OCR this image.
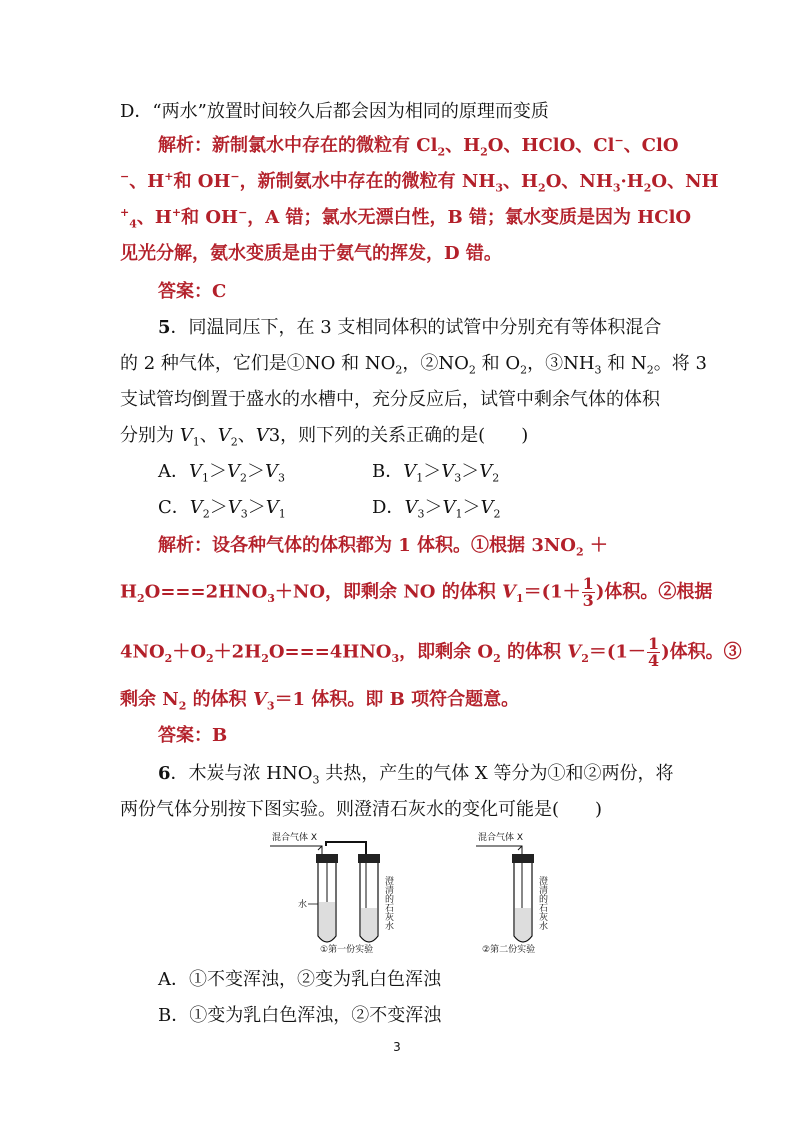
D．“两水”放置时间较久后都会因为相同的原理而变质
解析：新制氯水中存在的微粒有 $Cl_2$、$H_2O$、HClO、Cl−、ClO
−、H+和 OH−，新制氨水中存在的微粒有 $NH_3$、$H_2O$、$NH_3\cdot H_2O$、NH
+$_4$、H+和 OH−，A 错；氯水无漂白性，B 错；氯水变质是因为 HClO
见光分解，氨水变质是由于氨气的挥发，D 错。
答案：C
5．同温同压下，在 3 支相同体积的试管中分别充有等体积混合
的 2 种气体，它们是①NO 和 $NO_2$，$②NO_2$ 和 $O_2$，$③NH_3$ 和 $N_2$。将 3
支试管均倒置于盛水的水槽中，充分反应后，试管中剩余气体的体积
分别为 $V_1$、$V_2$、V3，则下列的关系正确的是(　　)
A．$V_1>V_2>V_3$	B．$V_1>V_3>V_2$
C．$V_2>V_3>V_1$	D．$V_3>V_1>V_2$
解析：设各种气体的体积都为 1 体积。①根据 $3NO_2$ ＋
$H_2O===2HNO_3+NO$，即剩余 NO 的体积 $V_1=(1+ \frac{1}{3}$ )体积。②根据
$4NO_2+O_2+2H_2O===4HNO_3$，即剩余 $O_2$ 的体积 $V_2=(1- \frac{1}{4}$ )体积。③
剩余 $N_2$ 的体积 $V_3=1$ 体积。即 B 项符合题意。
答案：B
6．木炭与浓 $HNO_3$ 共热，产生的气体 X 等分为①和②两份，将
两份气体分别按下图实验。则澄清石灰水的变化可能是(　　)
混合气体 X
水	澄清的石灰水
①第一份实验
混合气体 X
澄清的石灰水
②第二份实验
A．①不变浑浊，②变为乳白色浑浊
B．①变为乳白色浑浊，②不变浑浊
3
